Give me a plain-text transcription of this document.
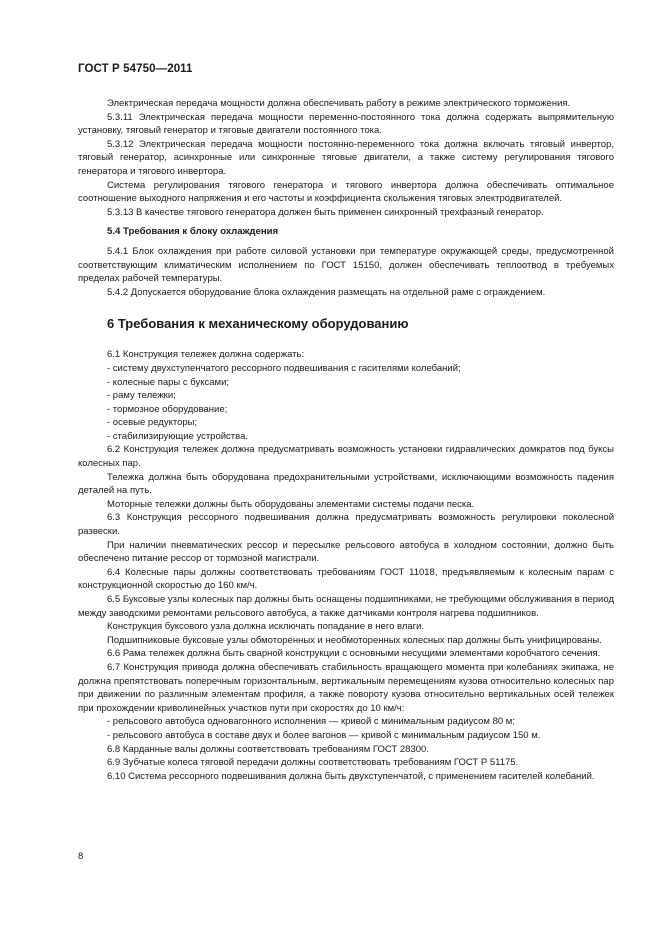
ГОСТ Р 54750—2011

Электрическая передача мощности должна обеспечивать работу в режиме электрического торможения.

5.3.11 Электрическая передача мощности переменно-постоянного тока должна содержать выпрямительную установку, тяговый генератор и тяговые двигатели постоянного тока.

5.3.12 Электрическая передача мощности постоянно-переменного тока должна включать тяговый инвертор, тяговый генератор, асинхронные или синхронные тяговые двигатели, а также систему регулирования тягового генератора и тягового инвертора.

Система регулирования тягового генератора и тягового инвертора должна обеспечивать оптимальное соотношение выходного напряжения и его частоты и коэффициента скольжения тяговых электродвигателей.

5.3.13 В качестве тягового генератора должен быть применен синхронный трехфазный генератор.

5.4 Требования к блоку охлаждения

5.4.1 Блок охлаждения при работе силовой установки при температуре окружающей среды, предусмотренной соответствующим климатическим исполнением по ГОСТ 15150, должен обеспечивать теплоотвод в требуемых пределах рабочей температуры.

5.4.2 Допускается оборудование блока охлаждения размещать на отдельной раме с ограждением.

6 Требования к механическому оборудованию

6.1 Конструкция тележек должна содержать:

- систему двухступенчатого рессорного подвешивания с гасителями колебаний;

- колесные пары с буксами;

- раму тележки;

- тормозное оборудование;

- осевые редукторы;

- стабилизирующие устройства.

6.2 Конструкция тележек должна предусматривать возможность установки гидравлических домкратов под буксы колесных пар.

Тележка должна быть оборудована предохранительными устройствами, исключающими возможность падения деталей на путь.

Моторные тележки должны быть оборудованы элементами системы подачи песка.

6.3 Конструкция рессорного подвешивания должна предусматривать возможность регулировки поколесной развески.

При наличии пневматических рессор и пересылке рельсового автобуса в холодном состоянии, должно быть обеспечено питание рессор от тормозной магистрали.

6.4 Колесные пары должны соответствовать требованиям ГОСТ 11018, предъявляемым к колесным парам с конструкционной скоростью до 160 км/ч.

6.5 Буксовые узлы колесных пар должны быть оснащены подшипниками, не требующими обслуживания в период между заводскими ремонтами рельсового автобуса, а также датчиками контроля нагрева подшипников.

Конструкция буксового узла должна исключать попадание в него влаги.

Подшипниковые буксовые узлы обмоторенных и необмоторенных колесных пар должны быть унифицированы.

6.6 Рама тележек должна быть сварной конструкции с основными несущими элементами коробчатого сечения.

6.7 Конструкция привода должна обеспечивать стабильность вращающего момента при колебаниях экипажа, не должна препятствовать поперечным горизонтальным, вертикальным перемещениям кузова относительно колесных пар при движении по различным элементам профиля, а также повороту кузова относительно вертикальных осей тележек при прохождении криволинейных участков пути при скоростях до 10 км/ч:

- рельсового автобуса одновагонного исполнения — кривой с минимальным радиусом 80 м;

- рельсового автобуса в составе двух и более вагонов — кривой с минимальным радиусом 150 м.

6.8 Карданные валы должны соответствовать требованиям ГОСТ 28300.

6.9 Зубчатые колеса тяговой передачи должны соответствовать требованиям ГОСТ Р 51175.

6.10 Система рессорного подвешивания должна быть двухступенчатой, с применением гасителей колебаний.

8
